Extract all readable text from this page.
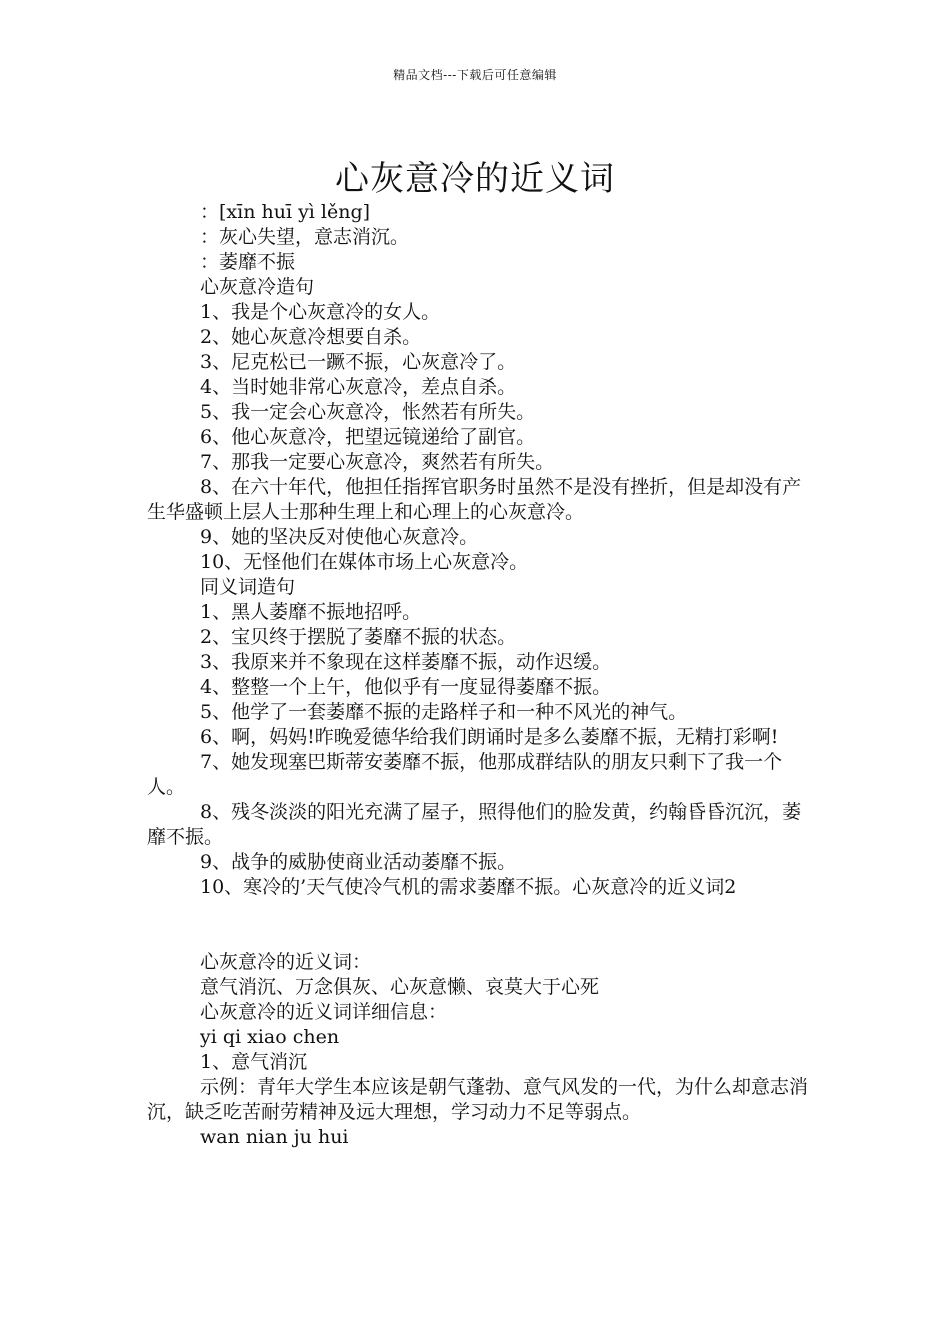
精品文档---下载后可任意编辑
心灰意冷的近义词

：[xīn huī yì lěng]

：灰心失望，意志消沉。

：萎靡不振

心灰意冷造句

1、我是个心灰意冷的女人。

2、她心灰意冷想要自杀。

3、尼克松已一蹶不振，心灰意冷了。

4、当时她非常心灰意冷，差点自杀。

5、我一定会心灰意冷，怅然若有所失。

6、他心灰意冷，把望远镜递给了副官。

7、那我一定要心灰意冷，爽然若有所失。

8、在六十年代，他担任指挥官职务时虽然不是没有挫折，但是却没有产生华盛顿上层人士那种生理上和心理上的心灰意冷。

9、她的坚决反对使他心灰意冷。

10、无怪他们在媒体市场上心灰意冷。

同义词造句

1、黑人萎靡不振地招呼。

2、宝贝终于摆脱了萎靡不振的状态。

3、我原来并不象现在这样萎靡不振，动作迟缓。

4、整整一个上午，他似乎有一度显得萎靡不振。

5、他学了一套萎靡不振的走路样子和一种不风光的神气。

6、啊，妈妈!昨晚爱德华给我们朗诵时是多么萎靡不振，无精打彩啊!

7、她发现塞巴斯蒂安萎靡不振，他那成群结队的朋友只剩下了我一个人。

8、残冬淡淡的阳光充满了屋子，照得他们的脸发黄，约翰昏昏沉沉，萎靡不振。

9、战争的威胁使商业活动萎靡不振。

10、寒冷的’天气使冷气机的需求萎靡不振。心灰意冷的近义词2

心灰意冷的近义词：

意气消沉、万念俱灰、心灰意懒、哀莫大于心死

心灰意冷的近义词详细信息：

yi qi xiao chen

1、意气消沉

示例：青年大学生本应该是朝气蓬勃、意气风发的一代，为什么却意志消沉，缺乏吃苦耐劳精神及远大理想，学习动力不足等弱点。

wan nian ju hui
